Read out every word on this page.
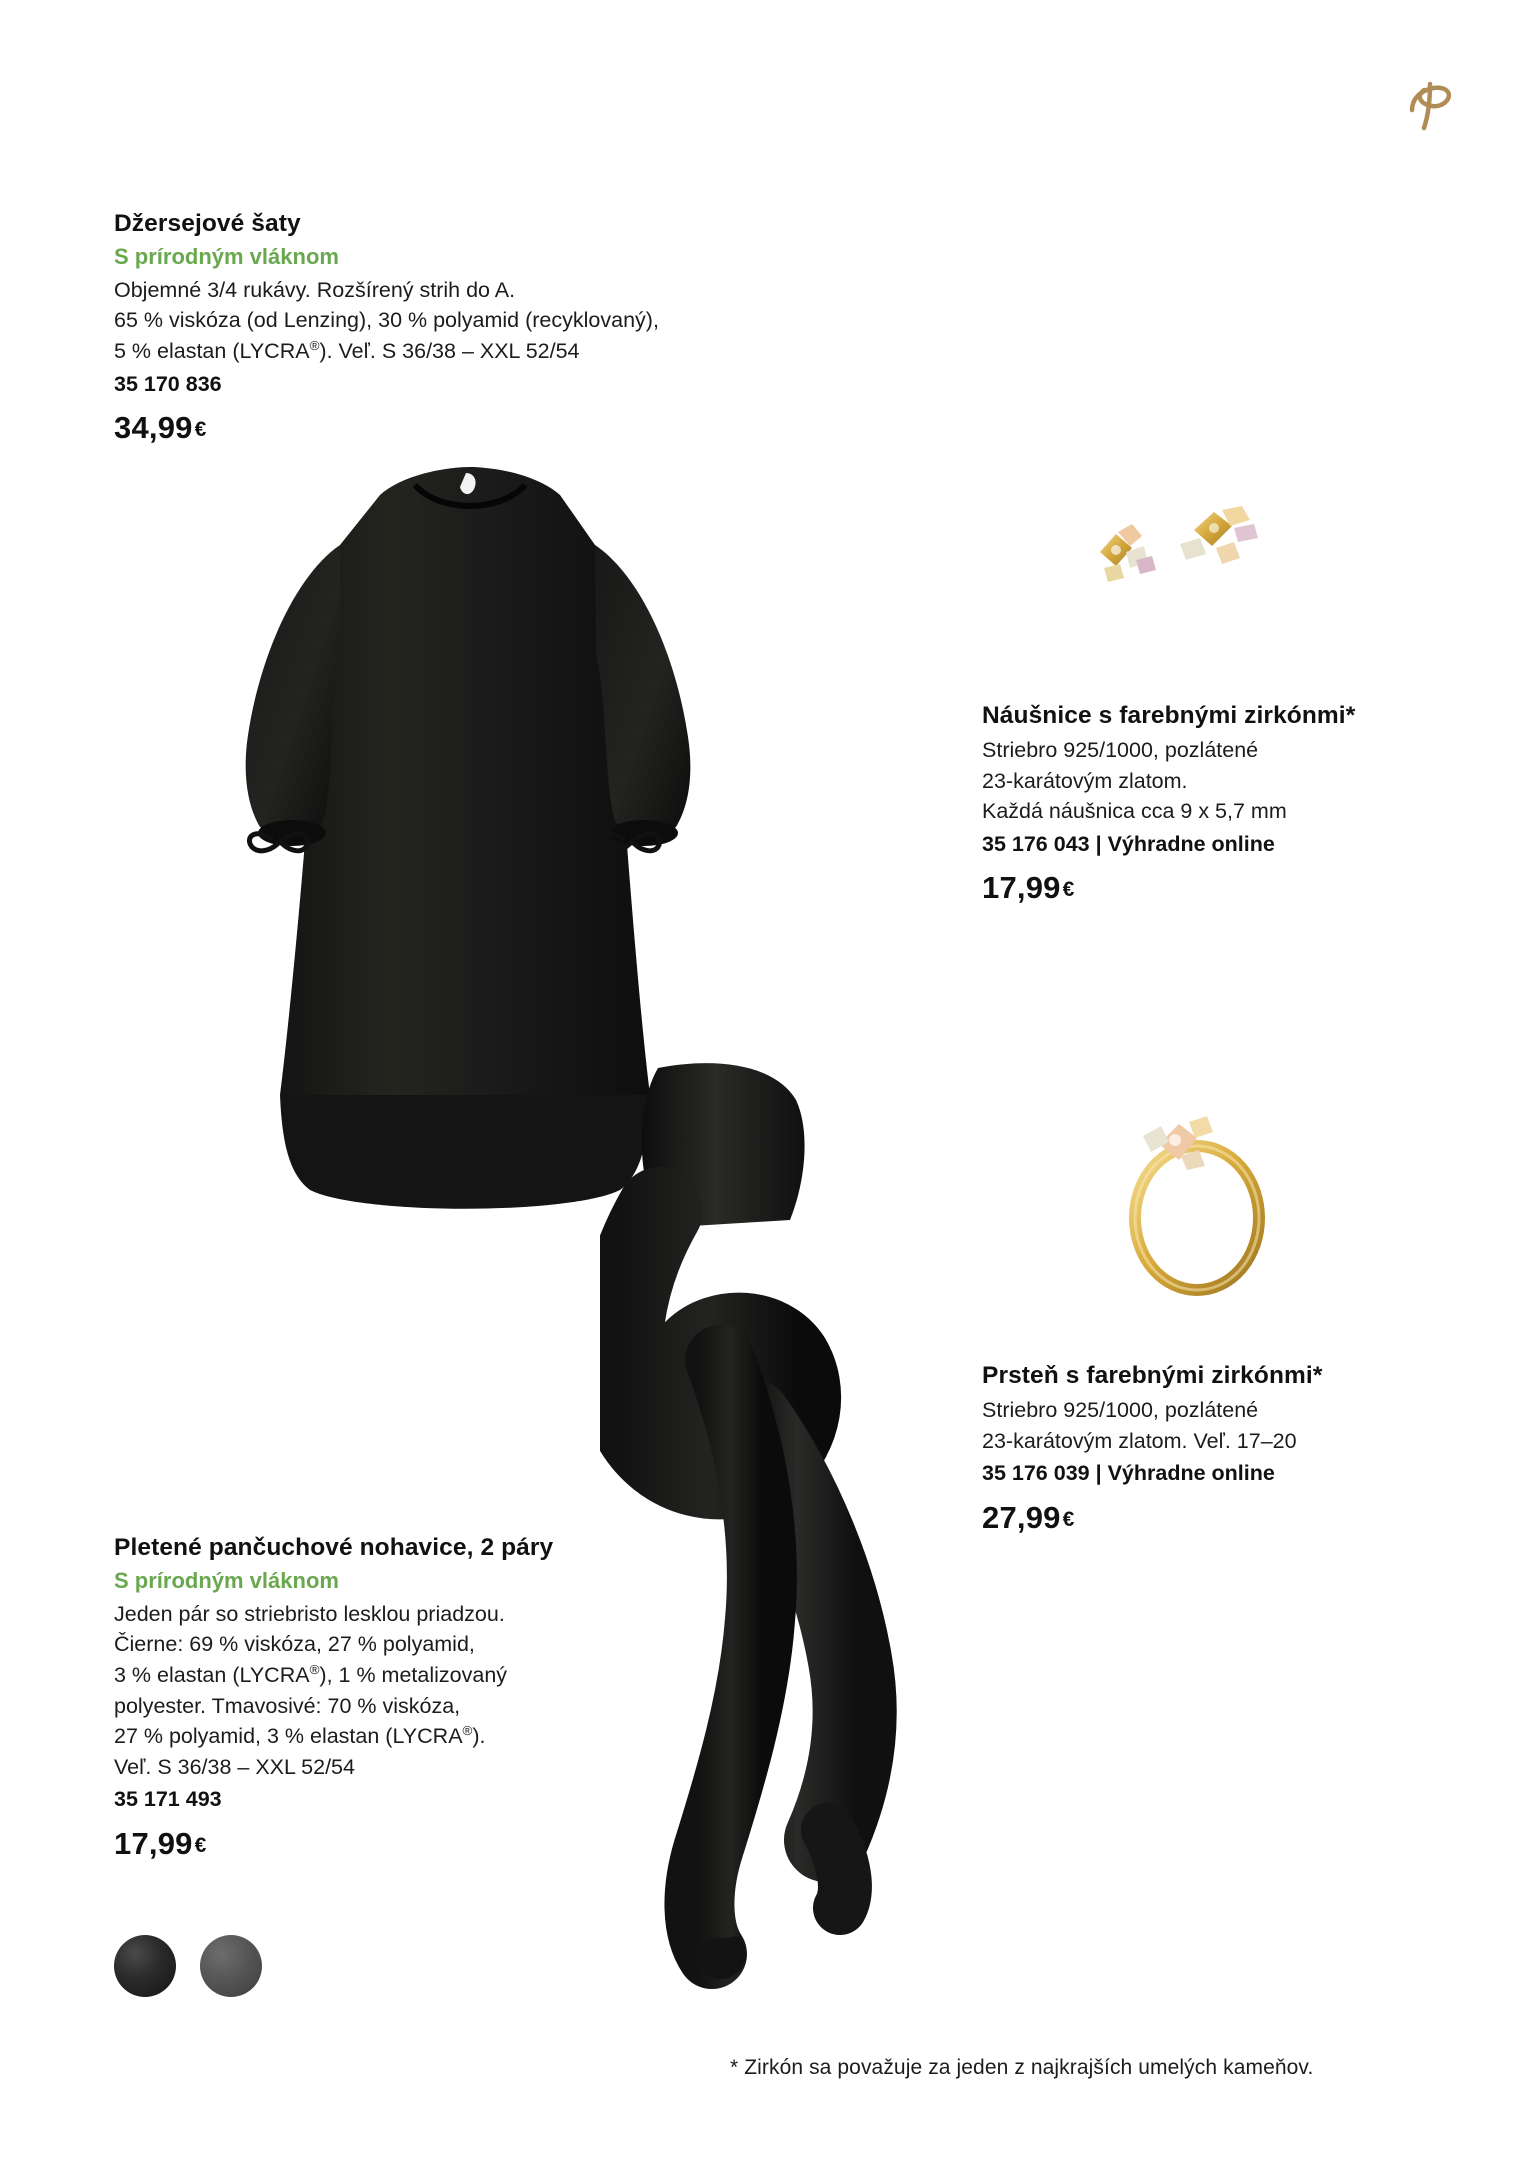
Džersejové šaty
S prírodným vláknom

Objemné 3/4 rukávy. Rozšírený strih do A.

65 % viskóza (od Lenzing), 30 % polyamid (recyklovaný),

5 % elastan (LYCRA®). Veľ. S 36/38 – XXL 52/54

35 170 836

34,99€

Pletené pančuchové nohavice, 2 páry
S prírodným vláknom

Jeden pár so striebristo lesklou priadzou.

Čierne: 69 % viskóza, 27 % polyamid,

3 % elastan (LYCRA®), 1 % metalizovaný

polyester. Tmavosivé: 70 % viskóza,

27 % polyamid, 3 % elastan (LYCRA®).

Veľ. S 36/38 – XXL 52/54

35 171 493

17,99€

Náušnice s farebnými zirkónmi*

Striebro 925/1000, pozlátené

23-karátovým zlatom.

Každá náušnica cca 9 x 5,7 mm

35 176 043 | Výhradne online

17,99€

Prsteň s farebnými zirkónmi*

Striebro 925/1000, pozlátené

23-karátovým zlatom. Veľ. 17–20

35 176 039 | Výhradne online

27,99€

* Zirkón sa považuje za jeden z najkrajších umelých kameňov.
